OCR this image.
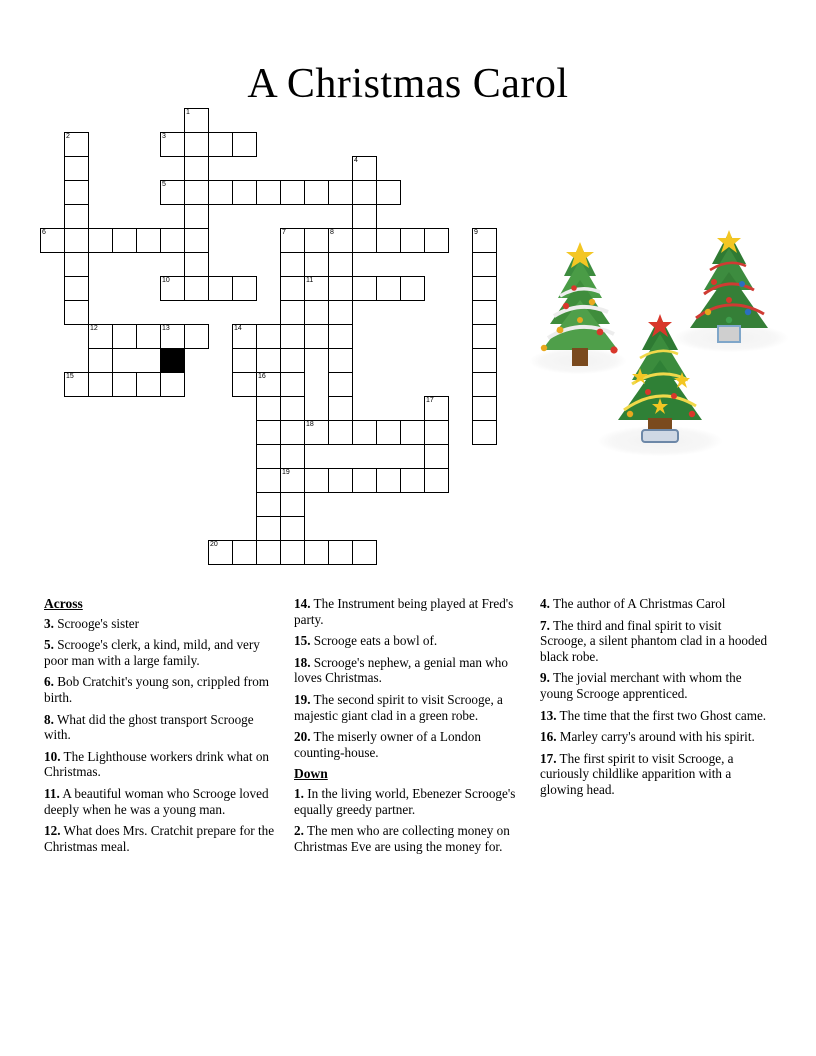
A Christmas Carol
1
2	3
4
5
6	7	8	9
10	11
12	13	14
15	16
17
18
19
20
Across
3. Scrooge's sister
5. Scrooge's clerk, a kind, mild, and very poor man with a large family.
6. Bob Cratchit's young son, crippled from birth.
8. What did the ghost transport Scrooge with.
10. The Lighthouse workers drink what on Christmas.
11. A beautiful woman who Scrooge loved deeply when he was a young man.
12. What does Mrs. Cratchit prepare for the Christmas meal.
14. The Instrument being played at Fred's party.
15. Scrooge eats a bowl of.
18. Scrooge's nephew, a genial man who loves Christmas.
19. The second spirit to visit Scrooge, a majestic giant clad in a green robe.
20. The miserly owner of a London counting-house.
Down
1. In the living world, Ebenezer Scrooge's equally greedy partner.
2. The men who are collecting money on Christmas Eve are using the money for.
4. The author of A Christmas Carol
7. The third and final spirit to visit Scrooge, a silent phantom clad in a hooded black robe.
9. The jovial merchant with whom the young Scrooge apprenticed.
13. The time that the first two Ghost came.
16. Marley carry's around with his spirit.
17. The first spirit to visit Scrooge, a curiously childlike apparition with a glowing head.
